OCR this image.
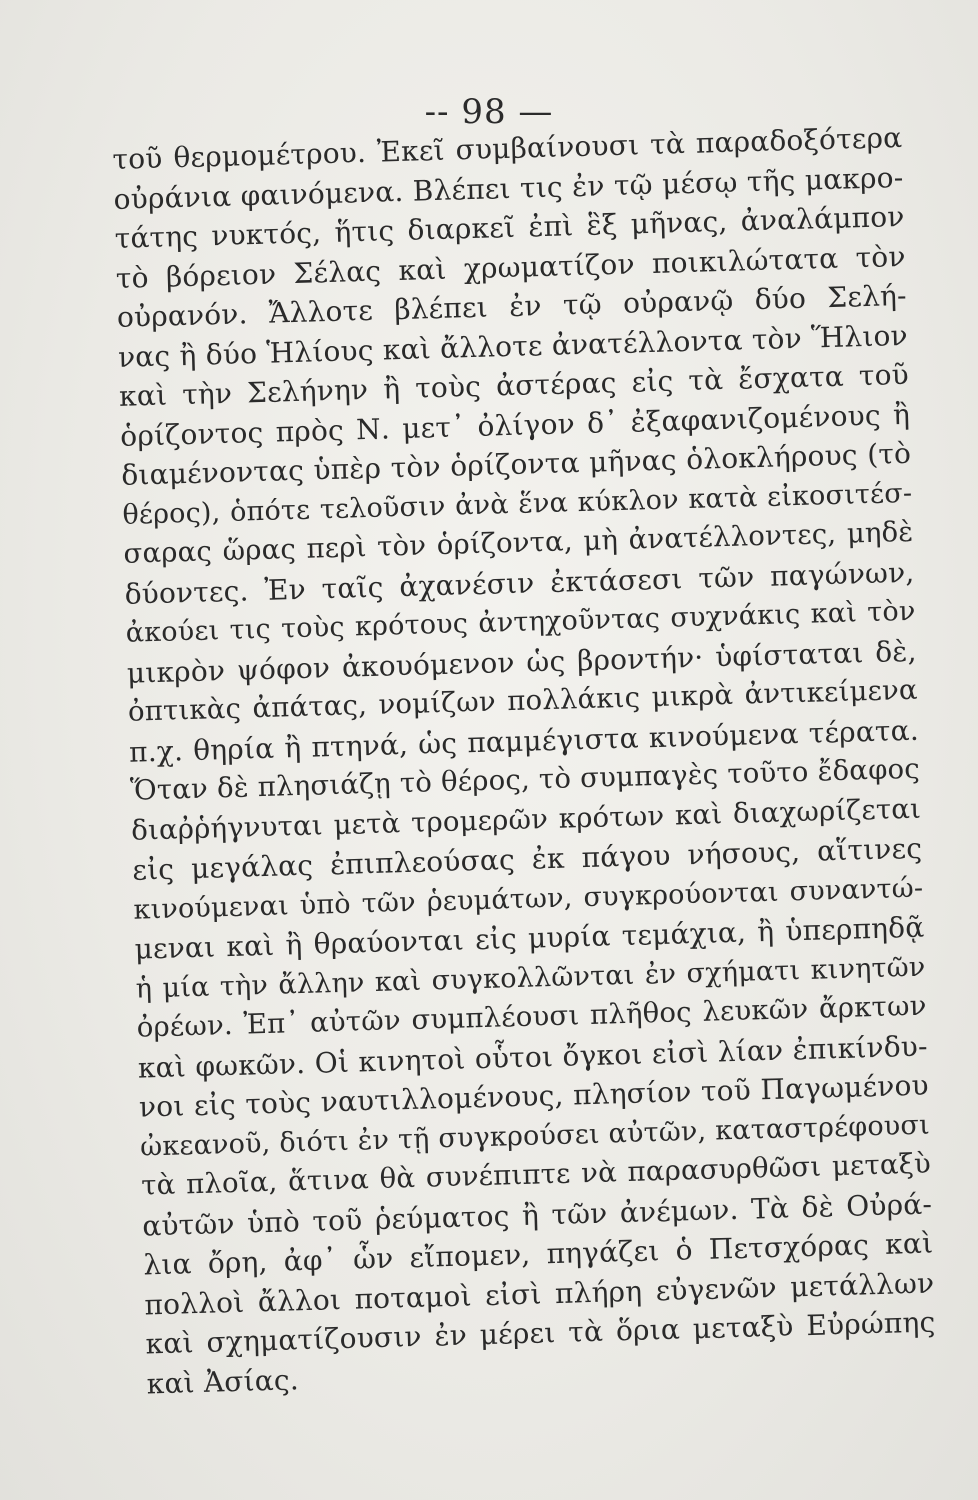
-- 98 —
τοῦ θερμομέτρου. Ἐκεῖ συμβαίνουσι τὰ παραδοξότερα
οὐράνια φαινόμενα. Βλέπει τις ἐν τῷ μέσῳ τῆς μακρο-
τάτης νυκτός, ἥτις διαρκεῖ ἐπὶ ἓξ μῆνας, ἀναλάμπον
τὸ βόρειον Σέλας καὶ χρωματίζον ποικιλώτατα τὸν
οὐρανόν. Ἄλλοτε βλέπει ἐν τῷ οὐρανῷ δύο Σελή-
νας ἢ δύο Ἡλίους καὶ ἄλλοτε ἀνατέλλοντα τὸν Ἥλιον
καὶ τὴν Σελήνην ἢ τοὺς ἀστέρας εἰς τὰ ἔσχατα τοῦ
ὁρίζοντος πρὸς Ν. μετ᾽ ὀλίγον δ᾽ ἐξαφανιζομένους ἢ
διαμένοντας ὑπὲρ τὸν ὁρίζοντα μῆνας ὁλοκλήρους (τὸ
θέρος), ὁπότε τελοῦσιν ἀνὰ ἕνα κύκλον κατὰ εἰκοσιτέσ-
σαρας ὥρας περὶ τὸν ὁρίζοντα, μὴ ἀνατέλλοντες, μηδὲ
δύοντες. Ἐν ταῖς ἀχανέσιν ἐκτάσεσι τῶν παγώνων,
ἀκούει τις τοὺς κρότους ἀντηχοῦντας συχνάκις καὶ τὸν
μικρὸν ψόφον ἀκουόμενον ὡς βροντήν· ὑφίσταται δὲ,
ὀπτικὰς ἀπάτας, νομίζων πολλάκις μικρὰ ἀντικείμενα
π.χ. θηρία ἢ πτηνά, ὡς παμμέγιστα κινούμενα τέρατα.
Ὅταν δὲ πλησιάζῃ τὸ θέρος, τὸ συμπαγὲς τοῦτο ἔδαφος
διαῤῥήγνυται μετὰ τρομερῶν κρότων καὶ διαχωρίζεται
εἰς μεγάλας ἐπιπλεούσας ἐκ πάγου νήσους, αἵτινες
κινούμεναι ὑπὸ τῶν ῥευμάτων, συγκρούονται συναντώ-
μεναι καὶ ἢ θραύονται εἰς μυρία τεμάχια, ἢ ὑπερπηδᾷ
ἡ μία τὴν ἄλλην καὶ συγκολλῶνται ἐν σχήματι κινητῶν
ὀρέων. Ἐπ᾽ αὐτῶν συμπλέουσι πλῆθος λευκῶν ἄρκτων
καὶ φωκῶν. Οἱ κινητοὶ οὗτοι ὄγκοι εἰσὶ λίαν ἐπικίνδυ-
νοι εἰς τοὺς ναυτιλλομένους, πλησίον τοῦ Παγωμένου
ὠκεανοῦ, διότι ἐν τῇ συγκρούσει αὐτῶν, καταστρέφουσι
τὰ πλοῖα, ἅτινα θὰ συνέπιπτε νὰ παρασυρθῶσι μεταξὺ
αὐτῶν ὑπὸ τοῦ ῥεύματος ἢ τῶν ἀνέμων. Τὰ δὲ Οὐρά-
λια ὄρη, ἀφ᾽ ὧν εἴπομεν, πηγάζει ὁ Πετσχόρας καὶ
πολλοὶ ἄλλοι ποταμοὶ εἰσὶ πλήρη εὐγενῶν μετάλλων
καὶ σχηματίζουσιν ἐν μέρει τὰ ὅρια μεταξὺ Εὐρώπης
καὶ Ἀσίας.
